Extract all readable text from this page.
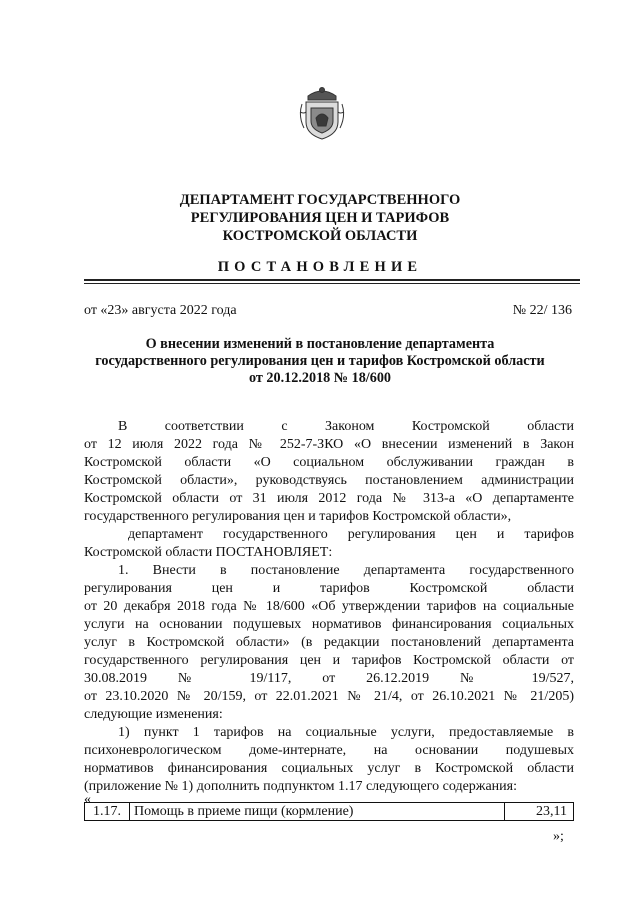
ДЕПАРТАМЕНТ ГОСУДАРСТВЕННОГО
РЕГУЛИРОВАНИЯ ЦЕН И ТАРИФОВ
КОСТРОМСКОЙ ОБЛАСТИ
ПОСТАНОВЛЕНИЕ
от «23» августа 2022 года	№ 22/ 136
О внесении изменений в постановление департамента
государственного регулирования цен и тарифов Костромской области
от 20.12.2018 № 18/600
В соответствии с Законом Костромской области
от 12 июля 2022 года № 252-7-ЗКО «О внесении изменений в Закон
Костромской области «О социальном обслуживании граждан в
Костромской области», руководствуясь постановлением администрации
Костромской области от 31 июля 2012 года № 313-а «О департаменте
государственного регулирования цен и тарифов Костромской области»,
департамент государственного регулирования цен и тарифов
Костромской области ПОСТАНОВЛЯЕТ:
1. Внести в постановление департамента государственного
регулирования цен и тарифов Костромской области
от 20 декабря 2018 года № 18/600 «Об утверждении тарифов на социальные
услуги на основании подушевых нормативов финансирования социальных
услуг в Костромской области» (в редакции постановлений департамента
государственного регулирования цен и тарифов Костромской области от
30.08.2019 № 19/117, от 26.12.2019 № 19/527,
от 23.10.2020 № 20/159, от 22.01.2021 № 21/4, от 26.10.2021 № 21/205)
следующие изменения:
1) пункт 1 тарифов на социальные услуги, предоставляемые в
психоневрологическом доме-интернате, на основании подушевых
нормативов финансирования социальных услуг в Костромской области
(приложение № 1) дополнить подпунктом 1.17 следующего содержания:
«
1.17. Помощь в приеме пищи (кормление)	23,11
»;
